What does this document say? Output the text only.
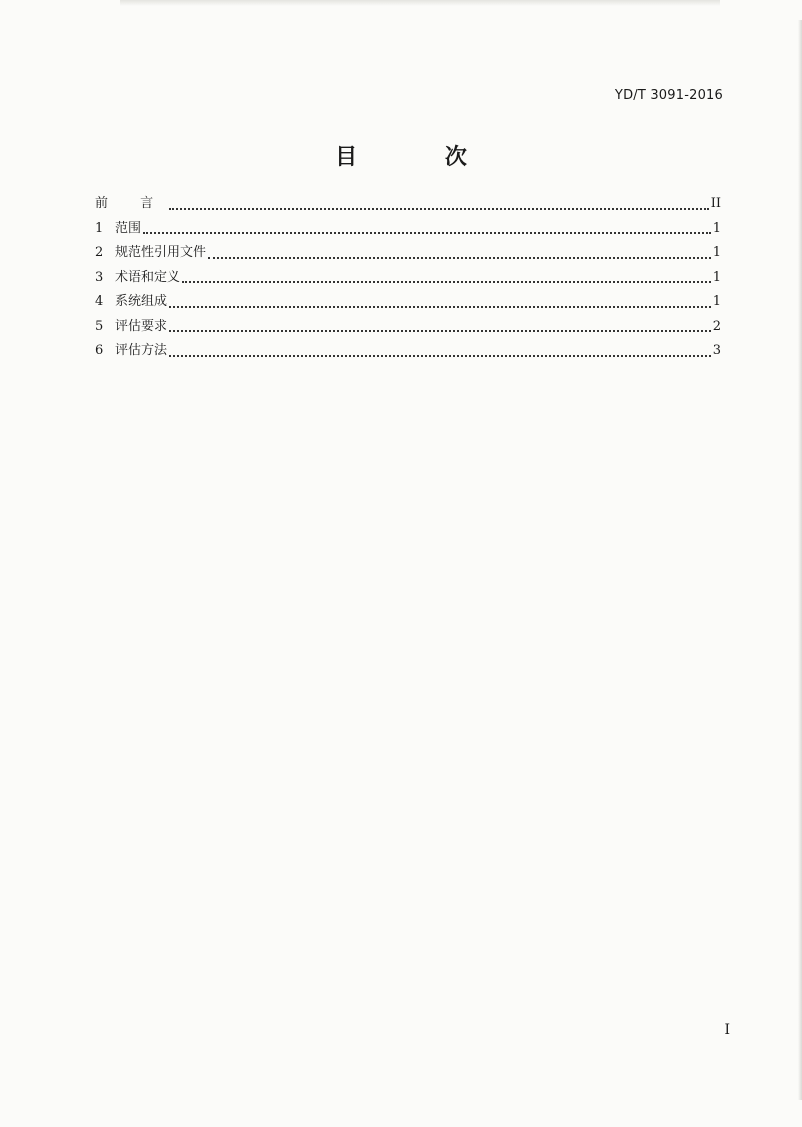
YD/T 3091-2016
目 次
前 言	II
1 范围	1
2 规范性引用文件	1
3 术语和定义	1
4 系统组成	1
5 评估要求	2
6 评估方法	3
I
